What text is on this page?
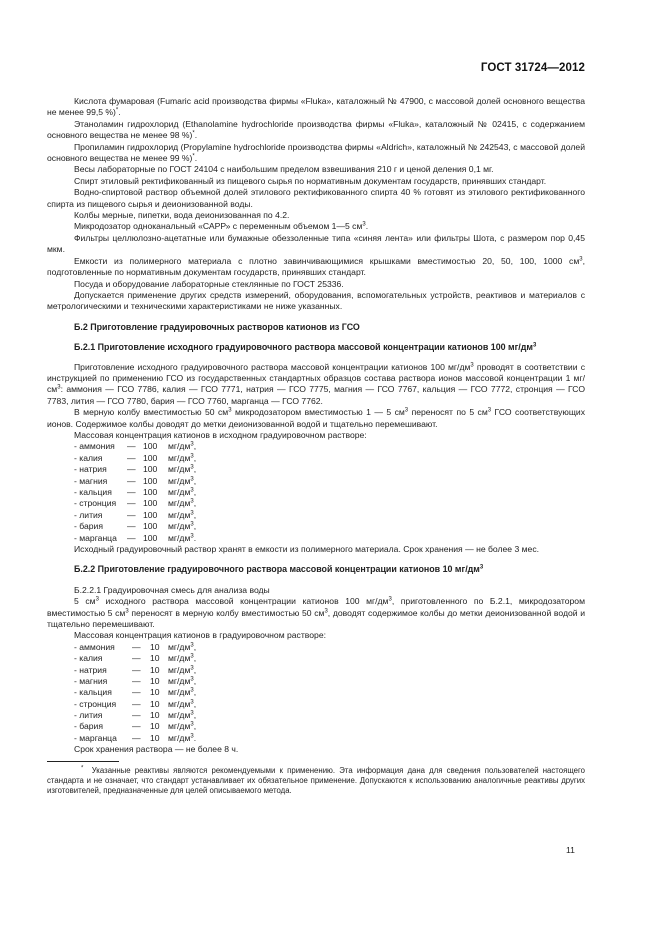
ГОСТ 31724—2012

Кислота фумаровая (Fumaric acid производства фирмы «Fluka», каталожный № 47900, с массовой долей основного вещества не менее 99,5 %)*.

Этаноламин гидрохлорид (Ethanolamine hydrochloride производства фирмы «Fluka», каталожный № 02415, с содержанием основного вещества не менее 98 %)*.

Пропиламин гидрохлорид (Propylamine hydrochloride производства фирмы «Aldrich», каталожный № 242543, с массовой долей основного вещества не менее 99 %)*.

Весы лабораторные по ГОСТ 24104 с наибольшим пределом взвешивания 210 г и ценой деления 0,1 мг.

Спирт этиловый ректификованный из пищевого сырья по нормативным документам государств, принявших стандарт.

Водно-спиртовой раствор объемной долей этилового ректификованного спирта 40 % готовят из этилового ректификованного спирта из пищевого сырья и деионизованной воды.

Колбы мерные, пипетки, вода деионизованная по 4.2.

Микродозатор одноканальный «САРР» с переменным объемом 1—5 $см^3$.

Фильтры целлюлозно-ацетатные или бумажные обеззоленные типа «синяя лента» или фильтры Шота, с размером пор 0,45 мкм.

Емкости из полимерного материала с плотно завинчивающимися крышками вместимостью 20, 50, 100, 1000 $см^3$, подготовленные по нормативным документам государств, принявших стандарт.

Посуда и оборудование лабораторные стеклянные по ГОСТ 25336.

Допускается применение других средств измерений, оборудования, вспомогательных устройств, реактивов и материалов с метрологическими и техническими характеристиками не ниже указанных.

Б.2 Приготовление градуировочных растворов катионов из ГСО

Б.2.1 Приготовление исходного градуировочного раствора массовой концентрации катионов 100 $мг/дм^3$

Приготовление исходного градуировочного раствора массовой концентрации катионов 100 $мг/дм^3$ проводят в соответствии с инструкцией по применению ГСО из государственных стандартных образцов состава раствора ионов массовой концентрации 1 $мг/см^3$: аммония — ГСО 7786, калия — ГСО 7771, натрия — ГСО 7775, магния — ГСО 7767, кальция — ГСО 7772, стронция — ГСО 7783, лития — ГСО 7780, бария — ГСО 7760, марганца — ГСО 7762.

В мерную колбу вместимостью 50 $см^3$ микродозатором вместимостью 1 — 5 $см^3$ переносят по 5 $см^3$ ГСО соответствующих ионов. Содержимое колбы доводят до метки деионизованной водой и тщательно перемешивают.

Массовая концентрация катионов в исходном градуировочном растворе:

- аммония — 100 $мг/дм^3$,
- калия	— 100 $мг/дм^3$,
- натрия — 100 $мг/дм^3$,
- магния — 100 $мг/дм^3$,
- кальция — 100 $мг/дм^3$,
- стронция — 100 $мг/дм^3$,
- лития	— 100 $мг/дм^3$,
- бария	— 100 $мг/дм^3$,
- марганца — 100 $мг/дм^3$.

Исходный градуировочный раствор хранят в емкости из полимерного материала. Срок хранения — не более 3 мес.

Б.2.2 Приготовление градуировочного раствора массовой концентрации катионов 10 $мг/дм^3$

Б.2.2.1 Градуировочная смесь для анализа воды

5 $см^3$ исходного раствора массовой концентрации катионов 100 $мг/дм^3$, приготовленного по Б.2.1, микродозатором вместимостью 5 $см^3$ переносят в мерную колбу вместимостью 50 $см^3$, доводят содержимое колбы до метки деионизованной водой и тщательно перемешивают.

Массовая концентрация катионов в градуировочном растворе:

- аммония — 10 $мг/дм^3$,
- калия	— 10 $мг/дм^3$,
- натрия	— 10 $мг/дм^3$,
- магния	— 10 $мг/дм^3$,
- кальция — 10 $мг/дм^3$,
- стронция — 10 $мг/дм^3$,
- лития	— 10 $мг/дм^3$,
- бария	— 10 $мг/дм^3$,
- марганца — 10 $мг/дм^3$.

Срок хранения раствора — не более 8 ч.

* Указанные реактивы являются рекомендуемыми к применению. Эта информация дана для сведения пользователей настоящего стандарта и не означает, что стандарт устанавливает их обязательное применение. Допускаются к использованию аналогичные реактивы других изготовителей, предназначенные для целей описываемого метода.

11
